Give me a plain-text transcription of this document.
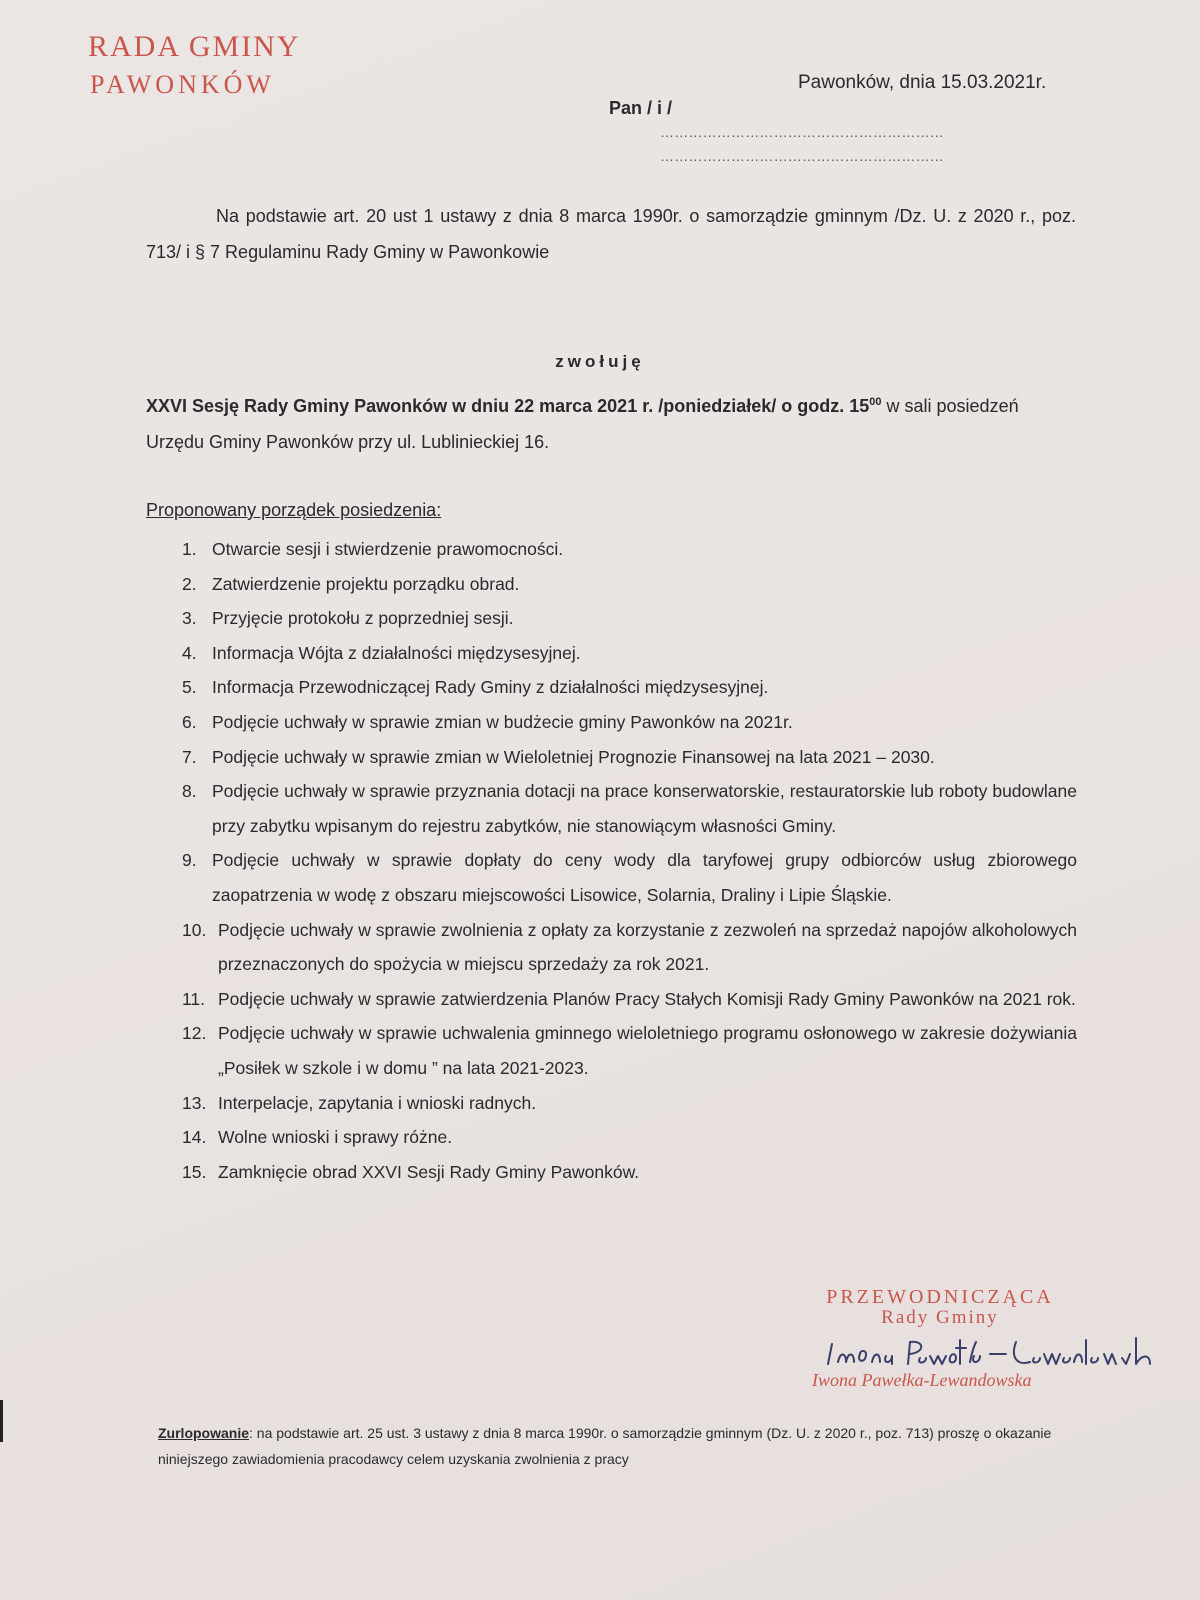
RADA GMINY
PAWONKÓW	Pawonków, dnia 15.03.2021r.
Pan / i /
……………………………………………………
……………………………………………………
Na podstawie art. 20 ust 1 ustawy z dnia 8 marca 1990r. o samorządzie gminnym /Dz. U. z 2020 r., poz. 713/ i § 7 Regulaminu Rady Gminy w Pawonkowie
zwołuję
XXVI Sesję Rady Gminy Pawonków w dniu 22 marca 2021 r. /poniedziałek/ o godz. $15^{00}$ w sali posiedzeń Urzędu Gminy Pawonków przy ul. Lublinieckiej 16.
Proponowany porządek posiedzenia:
1. Otwarcie sesji i stwierdzenie prawomocności.
2. Zatwierdzenie projektu porządku obrad.
3. Przyjęcie protokołu z poprzedniej sesji.
4. Informacja Wójta z działalności międzysesyjnej.
5. Informacja Przewodniczącej Rady Gminy z działalności międzysesyjnej.
6. Podjęcie uchwały w sprawie zmian w budżecie gminy Pawonków na 2021r.
7. Podjęcie uchwały w sprawie zmian w Wieloletniej Prognozie Finansowej na lata 2021 – 2030.
8. Podjęcie uchwały w sprawie przyznania dotacji na prace konserwatorskie, restauratorskie lub roboty budowlane przy zabytku wpisanym do rejestru zabytków, nie stanowiącym własności Gminy.
9. Podjęcie uchwały w sprawie dopłaty do ceny wody dla taryfowej grupy odbiorców usług zbiorowego zaopatrzenia w wodę z obszaru miejscowości Lisowice, Solarnia, Draliny i Lipie Śląskie.
10. Podjęcie uchwały w sprawie zwolnienia z opłaty za korzystanie z zezwoleń na sprzedaż napojów alkoholowych przeznaczonych do spożycia w miejscu sprzedaży za rok 2021.
11. Podjęcie uchwały w sprawie zatwierdzenia Planów Pracy Stałych Komisji Rady Gminy Pawonków na 2021 rok.
12. Podjęcie uchwały w sprawie uchwalenia gminnego wieloletniego programu osłonowego w zakresie dożywiania „Posiłek w szkole i w domu ” na lata 2021-2023.
13. Interpelacje, zapytania i wnioski radnych.
14. Wolne wnioski i sprawy różne.
15. Zamknięcie obrad XXVI Sesji Rady Gminy Pawonków.
PRZEWODNICZĄCA
Rady Gminy
Iwona Pawełka-Lewandowska
Zurlopowanie: na podstawie art. 25 ust. 3 ustawy z dnia 8 marca 1990r. o samorządzie gminnym (Dz. U. z 2020 r., poz. 713) proszę o okazanie niniejszego zawiadomienia pracodawcy celem uzyskania zwolnienia z pracy
